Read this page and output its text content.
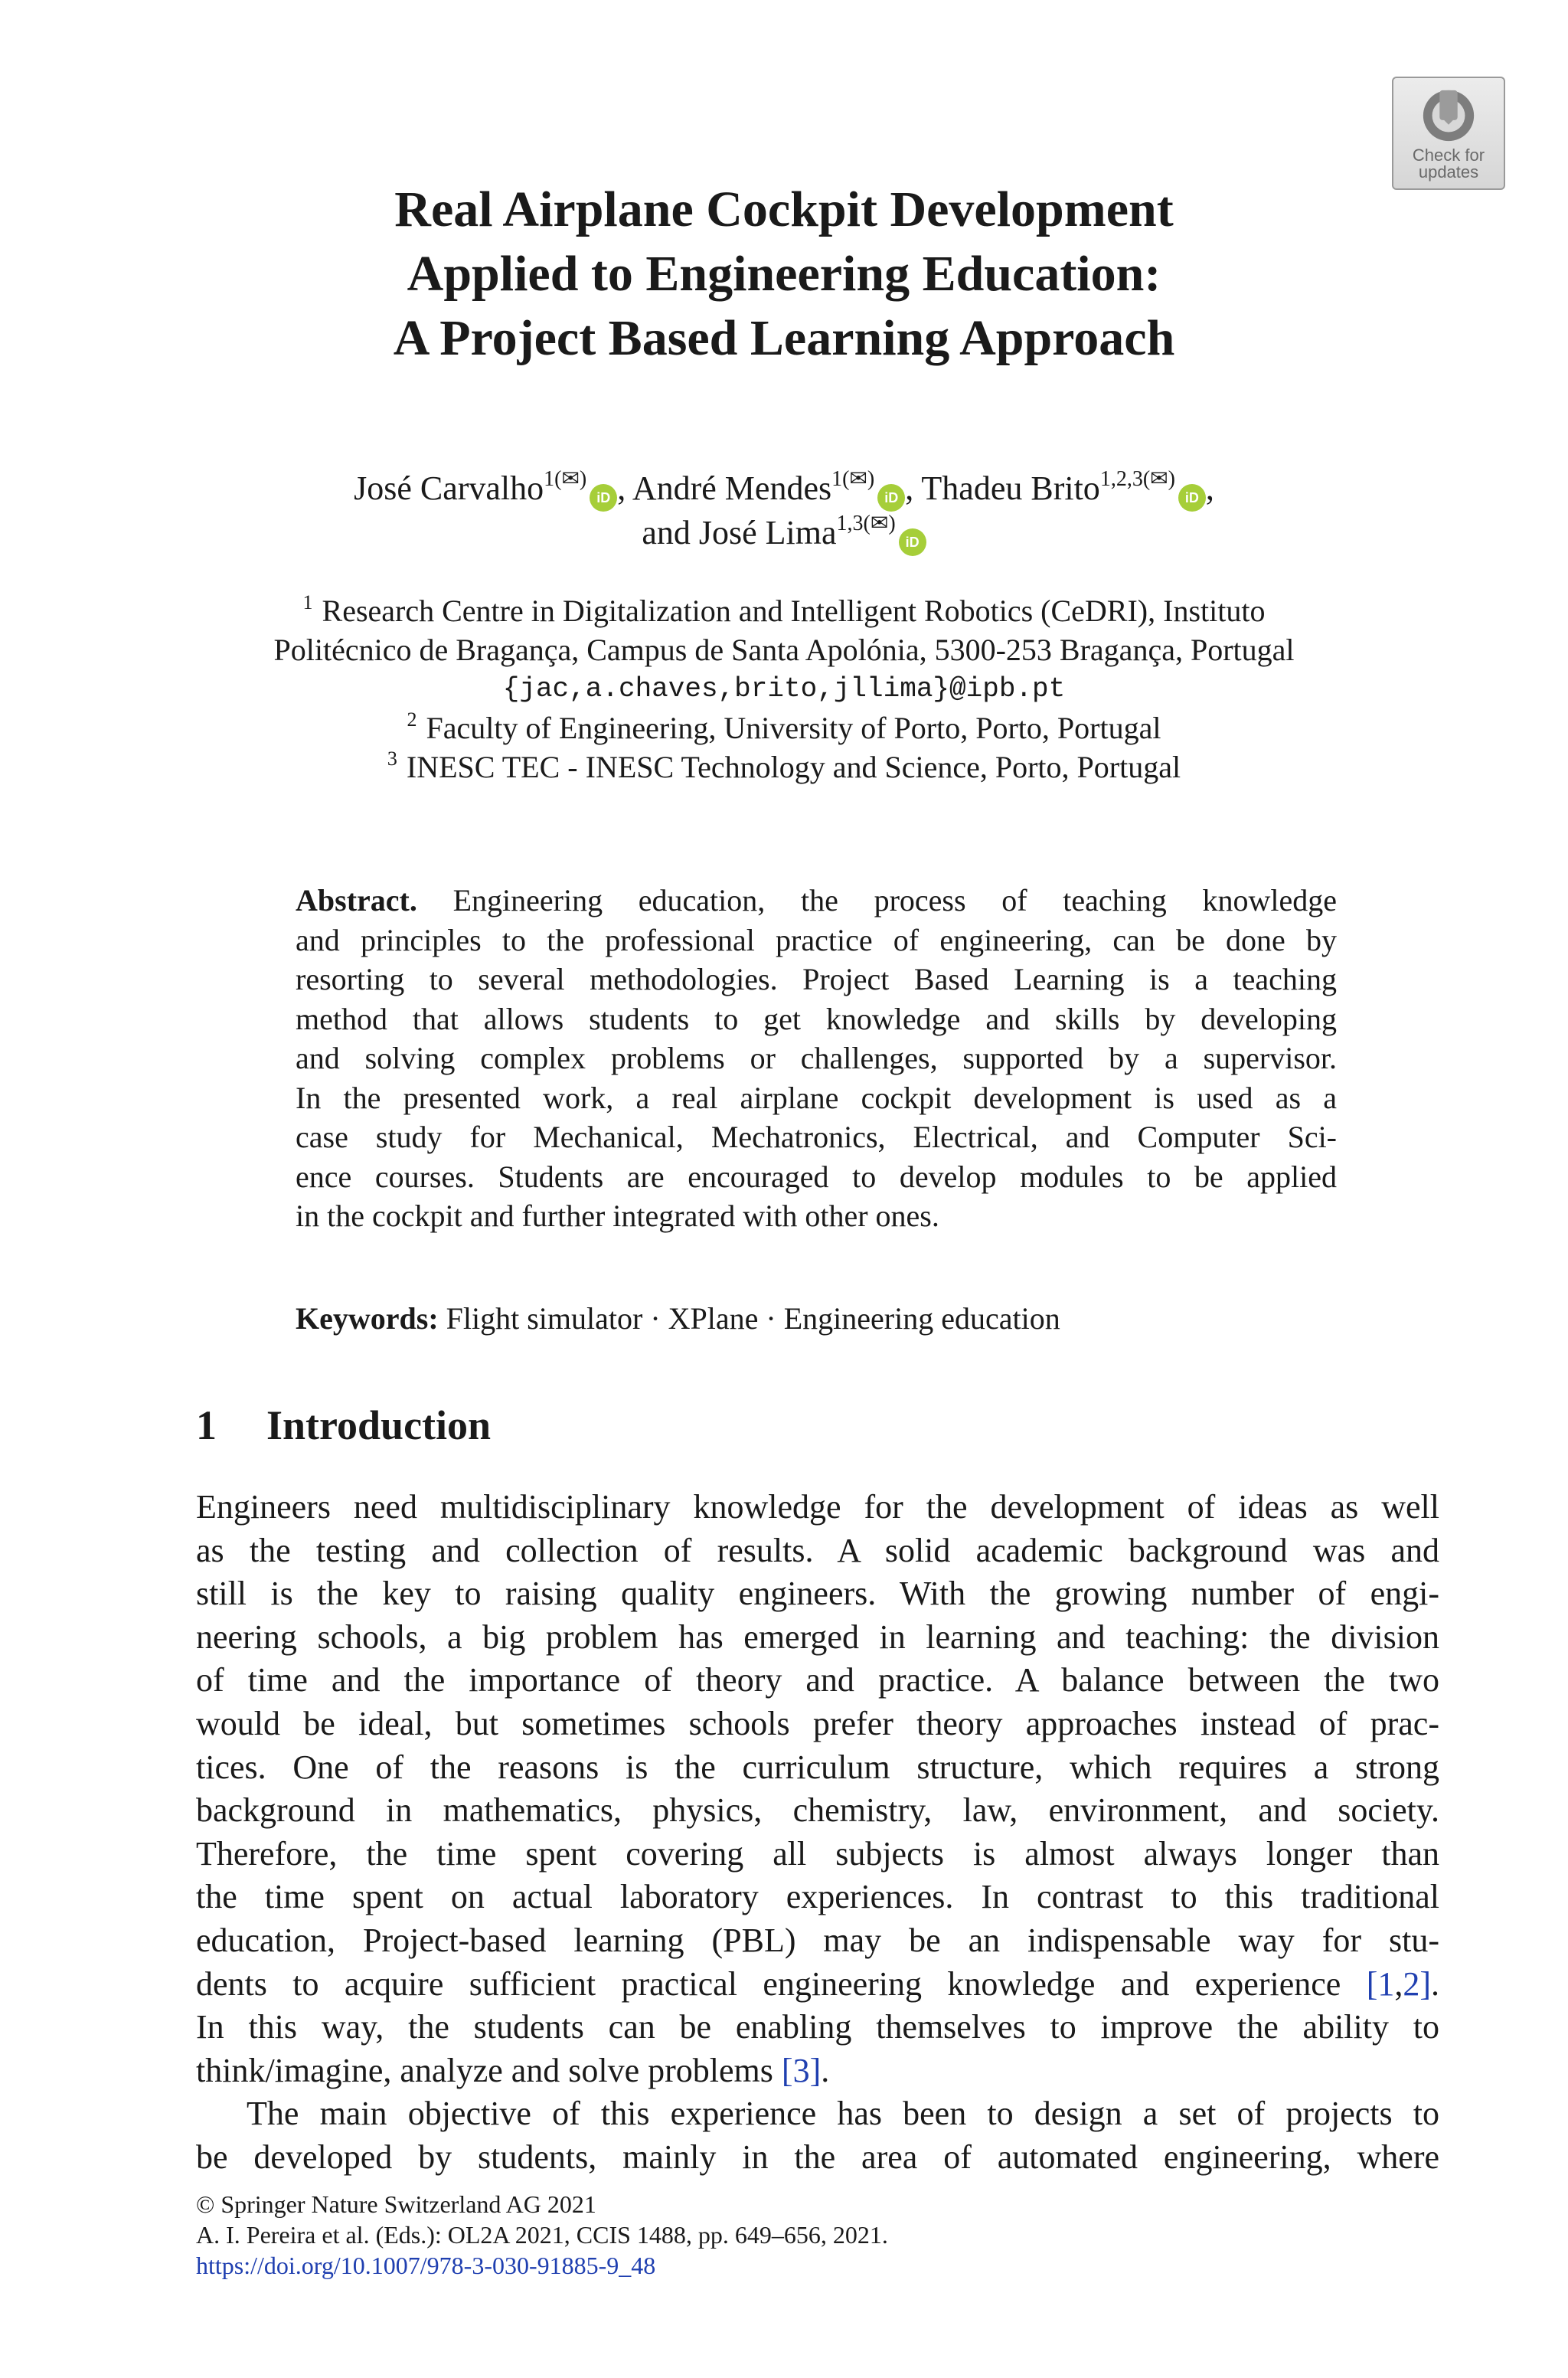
Check for
updates
Real Airplane Cockpit Development
Applied to Engineering Education:
A Project Based Learning Approach
José Carvalho$^{1(✉)}$iD , André Mendes$^{1(✉)}$iD , Thadeu Brito$^{1,2,3(✉)}$iD ,
and José Lima$^{1,3(✉)}$iD
$^1$ Research Centre in Digitalization and Intelligent Robotics (CeDRI), Instituto
Politécnico de Bragança, Campus de Santa Apolónia, 5300-253 Bragança, Portugal
{jac,a.chaves,brito,jllima}@ipb.pt
$^2$ Faculty of Engineering, University of Porto, Porto, Portugal
$^3$ INESC TEC - INESC Technology and Science, Porto, Portugal
Abstract. Engineering education, the process of teaching knowledge
and principles to the professional practice of engineering, can be done by
resorting to several methodologies. Project Based Learning is a teaching
method that allows students to get knowledge and skills by developing
and solving complex problems or challenges, supported by a supervisor.
In the presented work, a real airplane cockpit development is used as a
case study for Mechanical, Mechatronics, Electrical, and Computer Sci-
ence courses. Students are encouraged to develop modules to be applied
in the cockpit and further integrated with other ones.
Keywords: Flight simulator · XPlane · Engineering education
1 Introduction
Engineers need multidisciplinary knowledge for the development of ideas as well
as the testing and collection of results. A solid academic background was and
still is the key to raising quality engineers. With the growing number of engi-
neering schools, a big problem has emerged in learning and teaching: the division
of time and the importance of theory and practice. A balance between the two
would be ideal, but sometimes schools prefer theory approaches instead of prac-
tices. One of the reasons is the curriculum structure, which requires a strong
background in mathematics, physics, chemistry, law, environment, and society.
Therefore, the time spent covering all subjects is almost always longer than
the time spent on actual laboratory experiences. In contrast to this traditional
education, Project-based learning (PBL) may be an indispensable way for stu-
dents to acquire sufficient practical engineering knowledge and experience [1,2].
In this way, the students can be enabling themselves to improve the ability to
think/imagine, analyze and solve problems [3].
The main objective of this experience has been to design a set of projects to
be developed by students, mainly in the area of automated engineering, where
© Springer Nature Switzerland AG 2021
A. I. Pereira et al. (Eds.): OL2A 2021, CCIS 1488, pp. 649–656, 2021.
https://doi.org/10.1007/978-3-030-91885-9_48
